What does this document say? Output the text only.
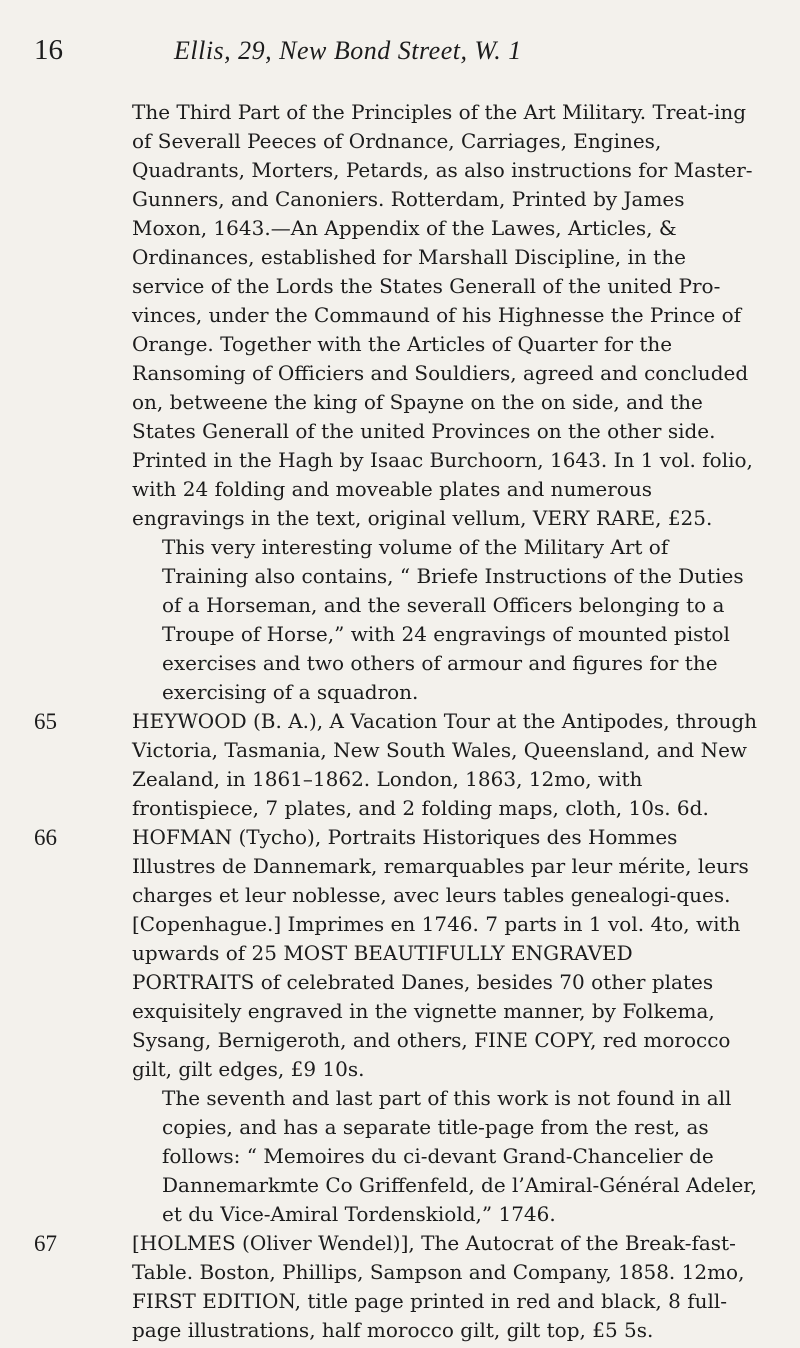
16	Ellis, 29, New Bond Street, W. 1

The Third Part of the Principles of the Art Military. Treat-ing of Severall Peeces of Ordnance, Carriages, Engines, Quadrants, Morters, Petards, as also instructions for Master-Gunners, and Canoniers. Rotterdam, Printed by James Moxon, 1643.—An Appendix of the Lawes, Articles, & Ordinances, established for Marshall Discipline, in the service of the Lords the States Generall of the united Pro-vinces, under the Commaund of his Highnesse the Prince of Orange. Together with the Articles of Quarter for the Ransoming of Officiers and Souldiers, agreed and concluded on, betweene the king of Spayne on the on side, and the States Generall of the united Provinces on the other side. Printed in the Hagh by Isaac Burchoorn, 1643. In 1 vol. folio, with 24 folding and moveable plates and numerous engravings in the text, original vellum, VERY RARE, £25.

This very interesting volume of the Military Art of Training also contains, “ Briefe Instructions of the Duties of a Horseman, and the severall Officers belonging to a Troupe of Horse,” with 24 engravings of mounted pistol exercises and two others of armour and figures for the exercising of a squadron.

65	HEYWOOD (B. A.), A Vacation Tour at the Antipodes, through Victoria, Tasmania, New South Wales, Queensland, and New Zealand, in 1861–1862. London, 1863, 12mo, with frontispiece, 7 plates, and 2 folding maps, cloth, 10s. 6d.

66	HOFMAN (Tycho), Portraits Historiques des Hommes Illustres de Dannemark, remarquables par leur mérite, leurs charges et leur noblesse, avec leurs tables genealogi-ques. [Copenhague.] Imprimes en 1746. 7 parts in 1 vol. 4to, with upwards of 25 MOST BEAUTIFULLY ENGRAVED PORTRAITS of celebrated Danes, besides 70 other plates exquisitely engraved in the vignette manner, by Folkema, Sysang, Bernigeroth, and others, FINE COPY, red morocco gilt, gilt edges, £9 10s.

The seventh and last part of this work is not found in all copies, and has a separate title-page from the rest, as follows: “ Memoires du ci-devant Grand-Chancelier de Dannemarkmte Co Griffenfeld, de l’Amiral-Général Adeler, et du Vice-Amiral Tordenskiold,” 1746.

67	[HOLMES (Oliver Wendel)], The Autocrat of the Break-fast-Table. Boston, Phillips, Sampson and Company, 1858. 12mo, FIRST EDITION, title page printed in red and black, 8 full-page illustrations, half morocco gilt, gilt top, £5 5s.
